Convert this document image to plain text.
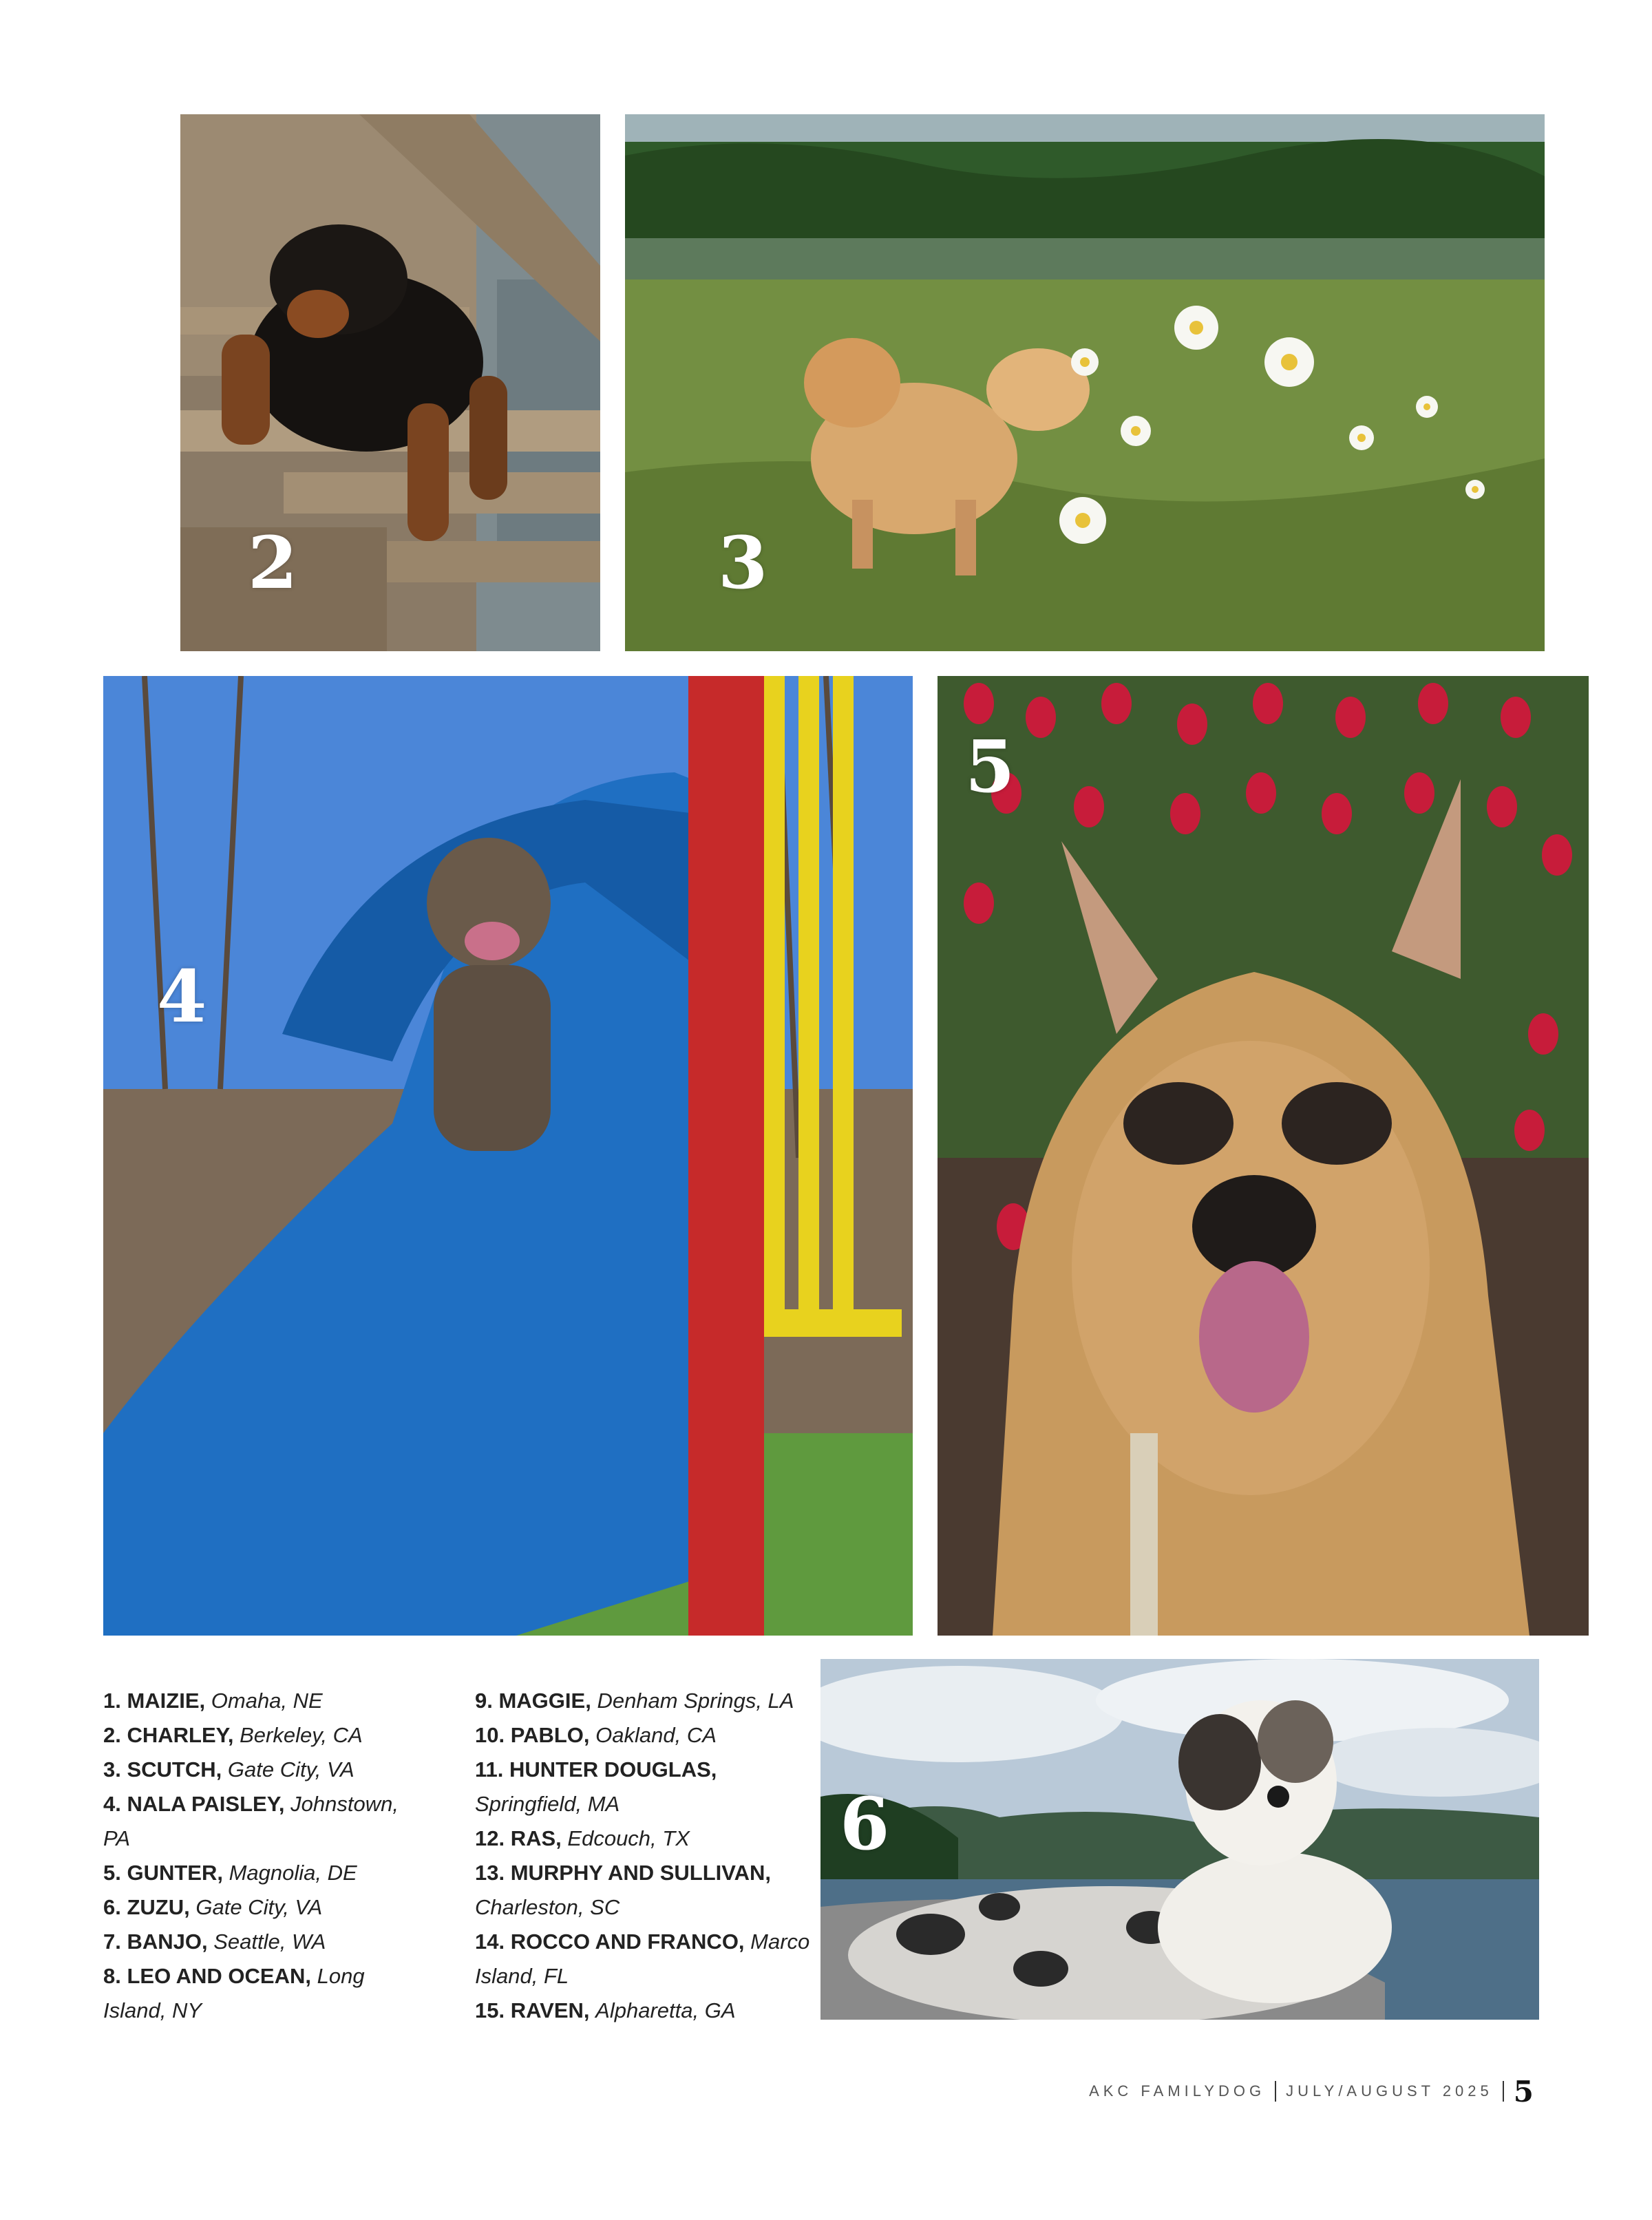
2	3
4
5

1. MAIZIE, Omaha, NE

2. CHARLEY, Berkeley, CA

3. SCUTCH, Gate City, VA

4. NALA PAISLEY, Johnstown, PA

5. GUNTER, Magnolia, DE

6. ZUZU, Gate City, VA

7. BANJO, Seattle, WA

8. LEO AND OCEAN, Long Island, NY

9. MAGGIE, Denham Springs, LA

10. PABLO, Oakland, CA

11. HUNTER DOUGLAS, Springfield, MA

12. RAS, Edcouch, TX

13. MURPHY AND SULLIVAN, Charleston, SC

14. ROCCO AND FRANCO, Marco Island, FL

15. RAVEN, Alpharetta, GA

6
AKC FAMILYDOG JULY/AUGUST 2025 5
